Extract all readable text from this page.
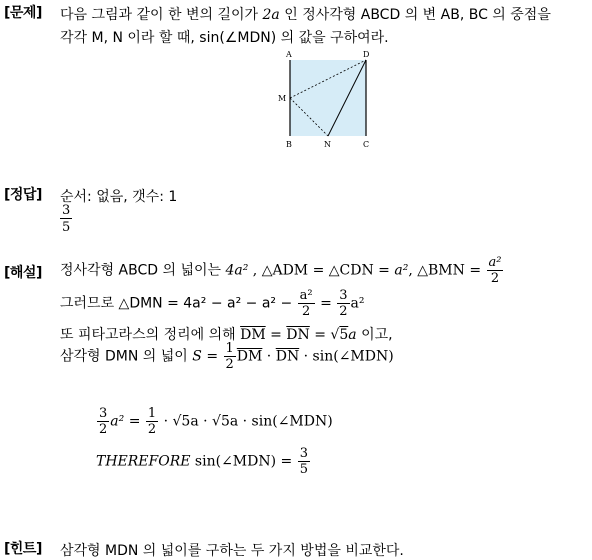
[문제] 다음 그림과 같이 한 변의 길이가 2a 인 정사각형 ABCD 의 변 AB, BC 의 중점을
각각 M, N 이라 할 때, sin(∠MDN) 의 값을 구하여라.
A	D
M
B	N	C
[정답] 순서: 없음, 갯수: 1
$\frac{3}{5}$
[해설] 정사각형 ABCD 의 넓이는 4a² , △ADM = △CDN = a², △BMN = $\frac{\text{a²}}{2}$
그러므로 △DMN = $4a^2 - a^2 - a^2 - \frac{\text{a²}}{2} = \frac{3}{2} a^2$
또 피타고라스의 정리에 의해 $\overline{DM} = \overline{DN} = √5a$ 이고,
삼각형 DMN 의 넓이 $S = \frac{1}{2} \overline{DM} \cdot \overline{DN}$ · sin(∠MDN)
$\frac{3}{2} a^2 = \frac{1}{2} \cdot √5a \cdot √5a$ · sin(∠MDN)
THEREFORE sin(∠MDN) = $\frac{3}{5}$
[힌트] 삼각형 MDN 의 넓이를 구하는 두 가지 방법을 비교한다.
